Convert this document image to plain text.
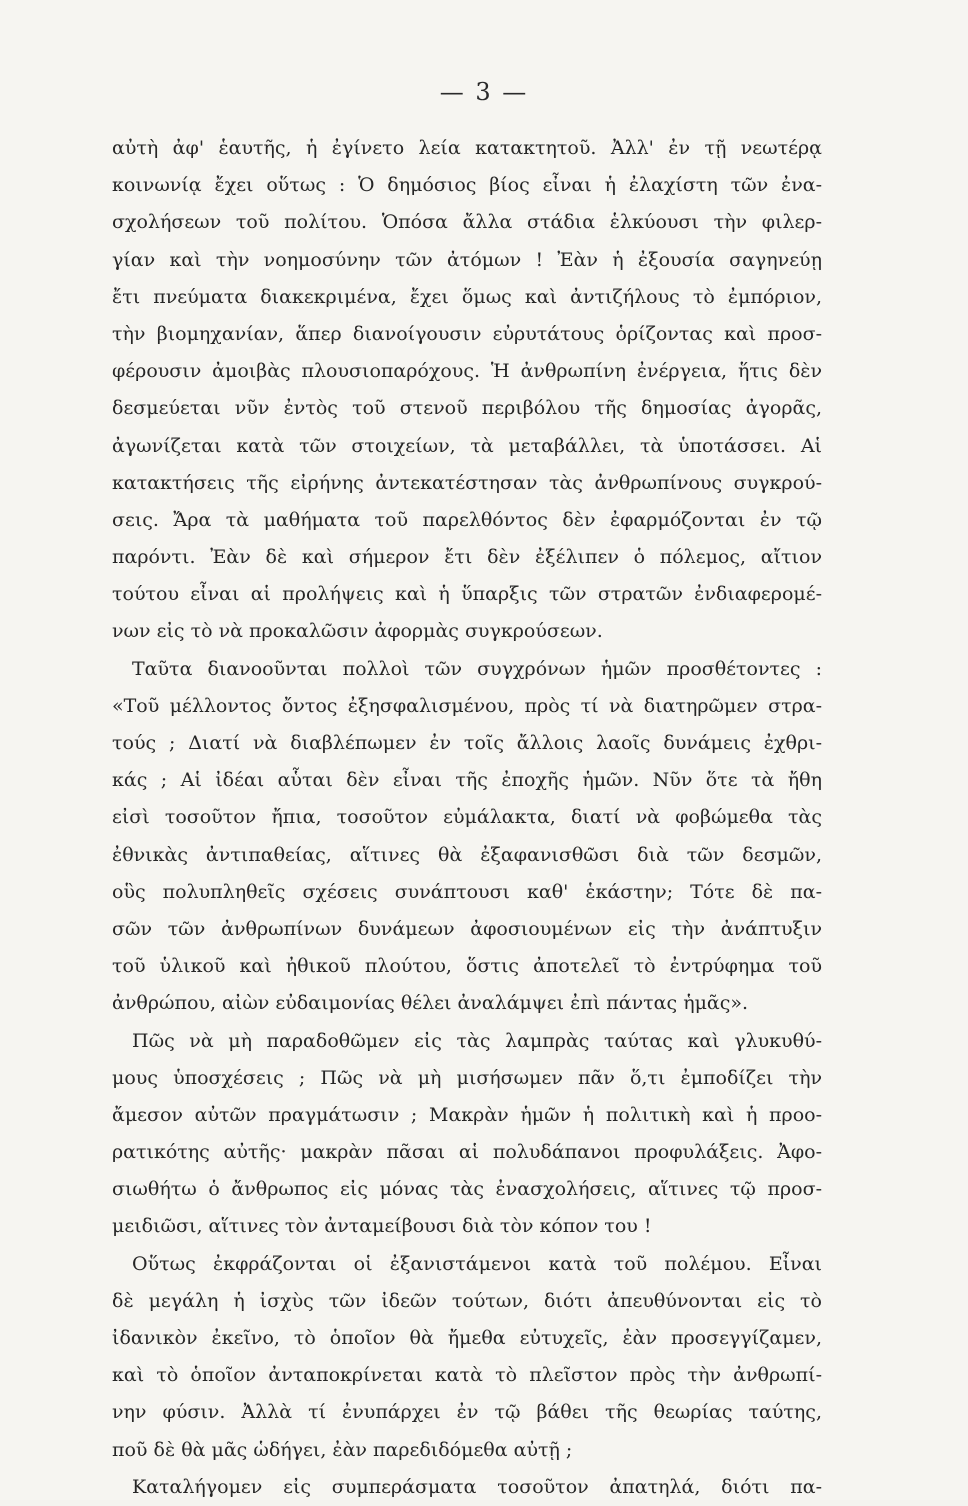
— 3 —
αὐτὴ ἀφ' ἑαυτῆς, ἡ ἐγίνετο λεία κατακτητοῦ. Ἀλλ' ἐν τῇ νεωτέρᾳ
κοινωνίᾳ ἔχει οὕτως : Ὁ δημόσιος βίος εἶναι ἡ ἐλαχίστη τῶν ἐνα-
σχολήσεων τοῦ πολίτου. Ὁπόσα ἄλλα στάδια ἑλκύουσι τὴν φιλερ-
γίαν καὶ τὴν νοημοσύνην τῶν ἀτόμων ! Ἐὰν ἡ ἐξουσία σαγηνεύῃ
ἔτι πνεύματα διακεκριμένα, ἔχει ὅμως καὶ ἀντιζήλους τὸ ἐμπόριον,
τὴν βιομηχανίαν, ἅπερ διανοίγουσιν εὐρυτάτους ὁρίζοντας καὶ προσ-
φέρουσιν ἀμοιβὰς πλουσιοπαρόχους. Ἡ ἀνθρωπίνη ἐνέργεια, ἥτις δὲν
δεσμεύεται νῦν ἐντὸς τοῦ στενοῦ περιβόλου τῆς δημοσίας ἀγορᾶς,
ἀγωνίζεται κατὰ τῶν στοιχείων, τὰ μεταβάλλει, τὰ ὑποτάσσει. Αἱ
κατακτήσεις τῆς εἰρήνης ἀντεκατέστησαν τὰς ἀνθρωπίνους συγκρού-
σεις. Ἄρα τὰ μαθήματα τοῦ παρελθόντος δὲν ἐφαρμόζονται ἐν τῷ
παρόντι. Ἐὰν δὲ καὶ σήμερον ἔτι δὲν ἐξέλιπεν ὁ πόλεμος, αἴτιον
τούτου εἶναι αἱ προλήψεις καὶ ἡ ὕπαρξις τῶν στρατῶν ἐνδιαφερομέ-
νων εἰς τὸ νὰ προκαλῶσιν ἀφορμὰς συγκρούσεων.
Ταῦτα διανοοῦνται πολλοὶ τῶν συγχρόνων ἡμῶν προσθέτοντες :
«Τοῦ μέλλοντος ὄντος ἐξησφαλισμένου, πρὸς τί νὰ διατηρῶμεν στρα-
τούς ; Διατί νὰ διαβλέπωμεν ἐν τοῖς ἄλλοις λαοῖς δυνάμεις ἐχθρι-
κάς ; Αἱ ἰδέαι αὗται δὲν εἶναι τῆς ἐποχῆς ἡμῶν. Νῦν ὅτε τὰ ἤθη
εἰσὶ τοσοῦτον ἤπια, τοσοῦτον εὐμάλακτα, διατί νὰ φοβώμεθα τὰς
ἐθνικὰς ἀντιπαθείας, αἵτινες θὰ ἐξαφανισθῶσι διὰ τῶν δεσμῶν,
οὓς πολυπληθεῖς σχέσεις συνάπτουσι καθ' ἑκάστην; Τότε δὲ πα-
σῶν τῶν ἀνθρωπίνων δυνάμεων ἀφοσιουμένων εἰς τὴν ἀνάπτυξιν
τοῦ ὑλικοῦ καὶ ἠθικοῦ πλούτου, ὅστις ἀποτελεῖ τὸ ἐντρύφημα τοῦ
ἀνθρώπου, αἰὼν εὐδαιμονίας θέλει ἀναλάμψει ἐπὶ πάντας ἡμᾶς».
Πῶς νὰ μὴ παραδοθῶμεν εἰς τὰς λαμπρὰς ταύτας καὶ γλυκυθύ-
μους ὑποσχέσεις ; Πῶς νὰ μὴ μισήσωμεν πᾶν ὅ,τι ἐμποδίζει τὴν
ἄμεσον αὐτῶν πραγμάτωσιν ; Μακρὰν ἡμῶν ἡ πολιτικὴ καὶ ἡ προο-
ρατικότης αὐτῆς· μακρὰν πᾶσαι αἱ πολυδάπανοι προφυλάξεις. Ἀφο-
σιωθήτω ὁ ἄνθρωπος εἰς μόνας τὰς ἐνασχολήσεις, αἵτινες τῷ προσ-
μειδιῶσι, αἵτινες τὸν ἀνταμείβουσι διὰ τὸν κόπον του !
Οὕτως ἐκφράζονται οἱ ἐξανιστάμενοι κατὰ τοῦ πολέμου. Εἶναι
δὲ μεγάλη ἡ ἰσχὺς τῶν ἰδεῶν τούτων, διότι ἀπευθύνονται εἰς τὸ
ἰδανικὸν ἐκεῖνο, τὸ ὁποῖον θὰ ἤμεθα εὐτυχεῖς, ἐὰν προσεγγίζαμεν,
καὶ τὸ ὁποῖον ἀνταποκρίνεται κατὰ τὸ πλεῖστον πρὸς τὴν ἀνθρωπί-
νην φύσιν. Ἀλλὰ τί ἐνυπάρχει ἐν τῷ βάθει τῆς θεωρίας ταύτης,
ποῦ δὲ θὰ μᾶς ὡδήγει, ἐὰν παρεδιδόμεθα αὐτῇ ;
Καταλήγομεν εἰς συμπεράσματα τοσοῦτον ἀπατηλά, διότι πα-
